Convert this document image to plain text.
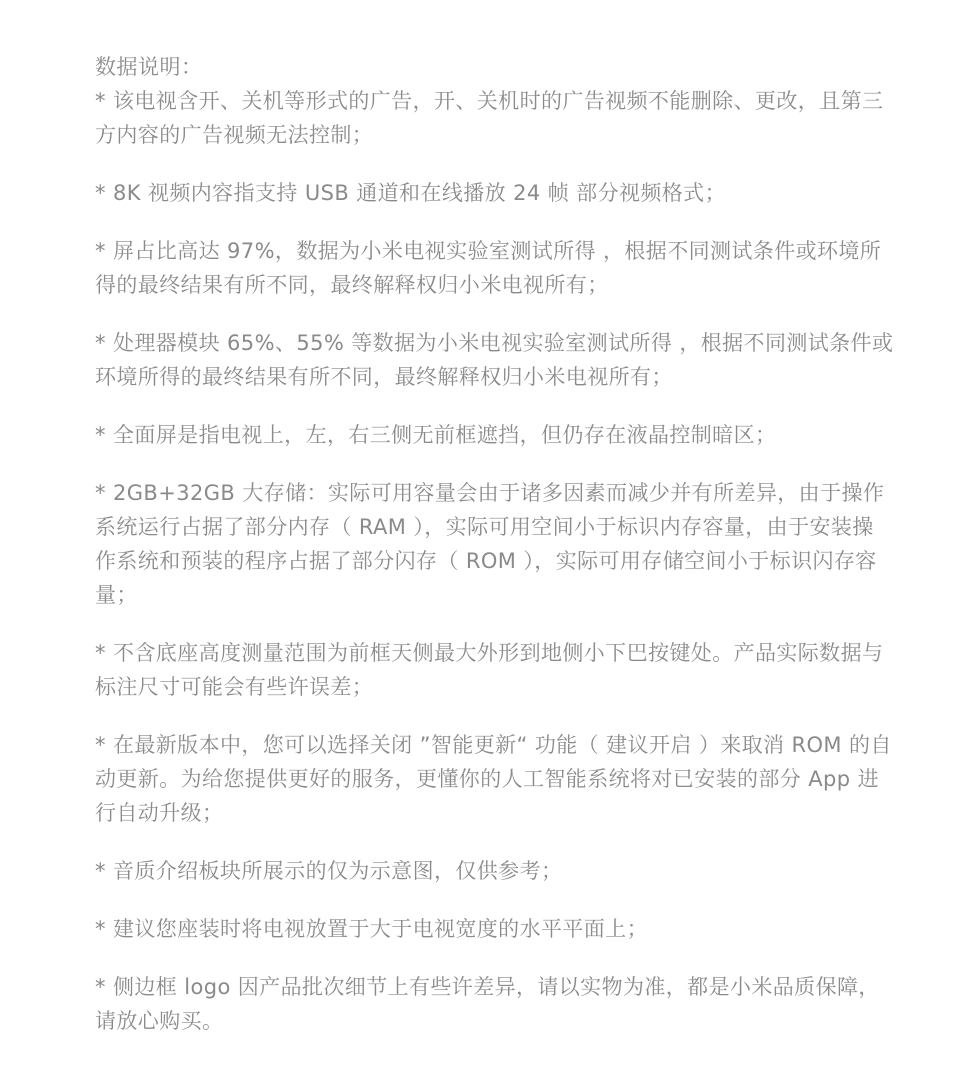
数据说明：

* 该电视含开、关机等形式的广告，开、关机时的广告视频不能删除、更改，且第三方内容的广告视频无法控制；

* 8K 视频内容指支持 USB 通道和在线播放 24 帧 部分视频格式；

* 屏占比高达 97%，数据为小米电视实验室测试所得 ，根据不同测试条件或环境所得的最终结果有所不同，最终解释权归小米电视所有；

* 处理器模块 65%、55% 等数据为小米电视实验室测试所得 ，根据不同测试条件或环境所得的最终结果有所不同，最终解释权归小米电视所有；

* 全面屏是指电视上，左，右三侧无前框遮挡，但仍存在液晶控制暗区；

* 2GB+32GB 大存储：实际可用容量会由于诸多因素而减少并有所差异，由于操作系统运行占据了部分内存（ RAM ），实际可用空间小于标识内存容量，由于安装操作系统和预装的程序占据了部分闪存（ ROM ），实际可用存储空间小于标识闪存容量；

* 不含底座高度测量范围为前框天侧最大外形到地侧小下巴按键处。产品实际数据与标注尺寸可能会有些许误差；

* 在最新版本中，您可以选择关闭 ”智能更新“ 功能（ 建议开启 ）来取消 ROM 的自动更新。为给您提供更好的服务，更懂你的人工智能系统将对已安装的部分 App 进行自动升级；

* 音质介绍板块所展示的仅为示意图，仅供参考；

* 建议您座装时将电视放置于大于电视宽度的水平平面上；

* 侧边框 logo 因产品批次细节上有些许差异，请以实物为准，都是小米品质保障，请放心购买。
